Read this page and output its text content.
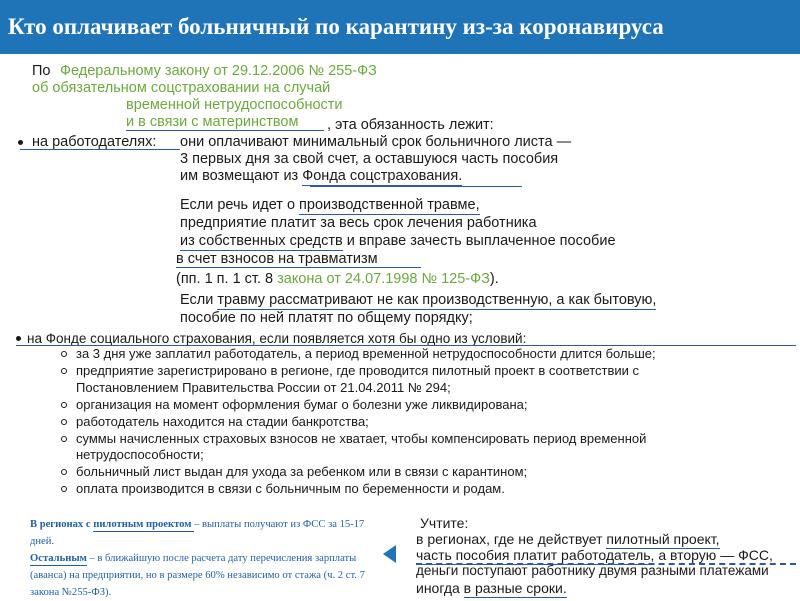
Кто оплачивает больничный по карантину из-за коронавируса
По Федеральному закону от 29.12.2006 № 255-ФЗ
об обязательном соцстраховании на случай
временной нетрудоспособности
и в связи с материнством , эта обязанность лежит:
на работодателях: они оплачивают минимальный срок больничного листа —
3 первых дня за свой счет, а оставшуюся часть пособия
им возмещают из Фонда соцстрахования.
Если речь идет о производственной травме,
предприятие платит за весь срок лечения работника
из собственных средств и вправе зачесть выплаченное пособие
в счет взносов на травматизм
(пп. 1 п. 1 ст. 8 закона от 24.07.1998 № 125-ФЗ).
Если травму рассматривают не как производственную, а как бытовую,
пособие по ней платят по общему порядку;
на Фонде социального страхования, если появляется хотя бы одно из условий:
за 3 дня уже заплатил работодатель, а период временной нетрудоспособности длится больше;
предприятие зарегистрировано в регионе, где проводится пилотный проект в соответствии с
Постановлением Правительства России от 21.04.2011 № 294;
организация на момент оформления бумаг о болезни уже ликвидирована;
работодатель находится на стадии банкротства;
суммы начисленных страховых взносов не хватает, чтобы компенсировать период временной
нетрудоспособности;
больничный лист выдан для ухода за ребенком или в связи с карантином;
оплата производится в связи с больничным по беременности и родам.
В регионах с пилотным проектом – выплаты получают из ФСС за 15-17 дней.
Остальным – в ближайшую после расчета дату перечисления зарплаты (аванса) на предприятии, но в размере 60% независимо от стажа (ч. 2 ст. 7 закона №255-ФЗ).
Учтите:
в регионах, где не действует пилотный проект,
часть пособия платит работодатель, а вторую — ФСС,
деньги поступают работнику двумя разными платежами
иногда в разные сроки.
